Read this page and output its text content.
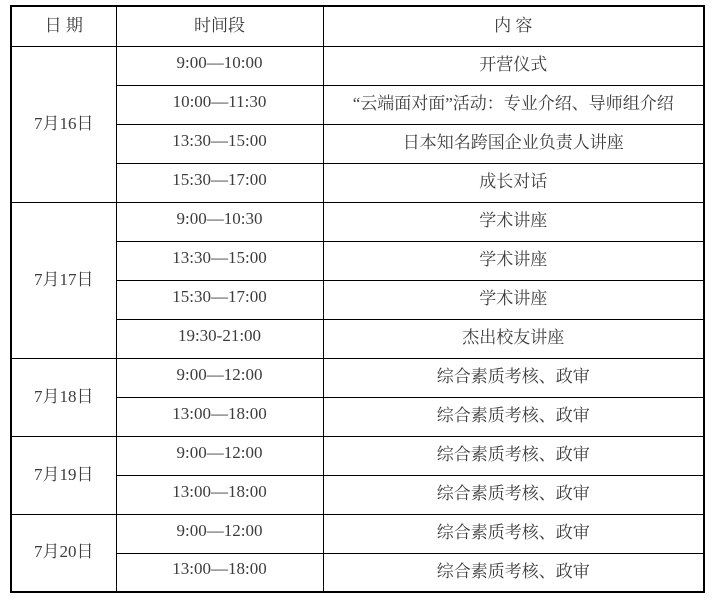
日 期	时间段	内 容
7月16日	9:00—10:00	开营仪式
	10:00—11:30	“云端面对面”活动：专业介绍、导师组介绍
	13:30—15:00	日本知名跨国企业负责人讲座
	15:30—17:00	成长对话
7月17日	9:00—10:30	学术讲座
	13:30—15:00	学术讲座
	15:30—17:00	学术讲座
	19:30-21:00	杰出校友讲座
7月18日	9:00—12:00	综合素质考核、政审
	13:00—18:00	综合素质考核、政审
7月19日	9:00—12:00	综合素质考核、政审
	13:00—18:00	综合素质考核、政审
7月20日	9:00—12:00	综合素质考核、政审
	13:00—18:00	综合素质考核、政审
